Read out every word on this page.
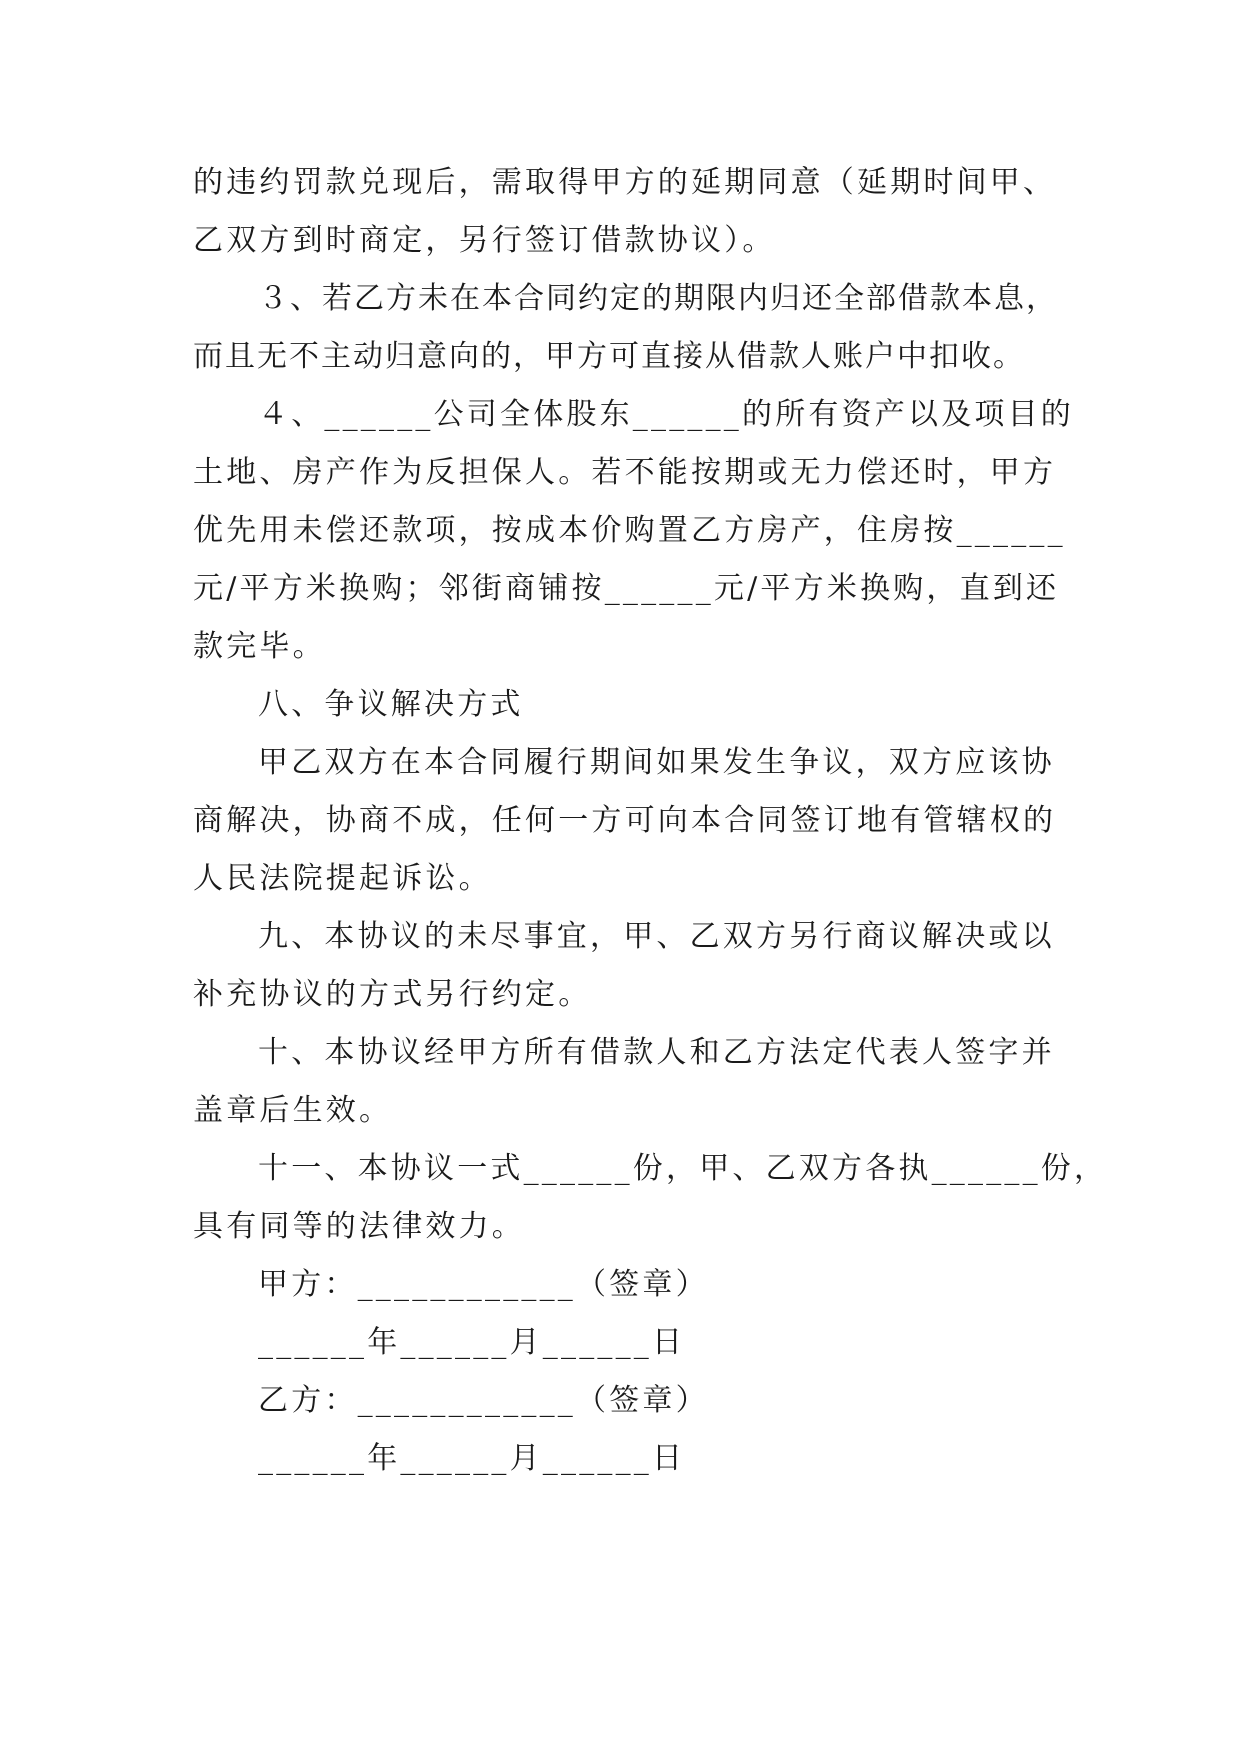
的违约罚款兑现后，需取得甲方的延期同意（延期时间甲、
乙双方到时商定，另行签订借款协议）。
３、若乙方未在本合同约定的期限内归还全部借款本息，
而且无不主动归意向的，甲方可直接从借款人账户中扣收。
４、______公司全体股东______的所有资产以及项目的
土地、房产作为反担保人。若不能按期或无力偿还时，甲方
优先用未偿还款项，按成本价购置乙方房产，住房按______
元/平方米换购；邻街商铺按______元/平方米换购，直到还
款完毕。
八、争议解决方式
甲乙双方在本合同履行期间如果发生争议，双方应该协
商解决，协商不成，任何一方可向本合同签订地有管辖权的
人民法院提起诉讼。
九、本协议的未尽事宜，甲、乙双方另行商议解决或以
补充协议的方式另行约定。
十、本协议经甲方所有借款人和乙方法定代表人签字并
盖章后生效。
十一、本协议一式______份，甲、乙双方各执______份，
具有同等的法律效力。
甲方：____________（签章）
______年______月______日
乙方：____________（签章）
______年______月______日
